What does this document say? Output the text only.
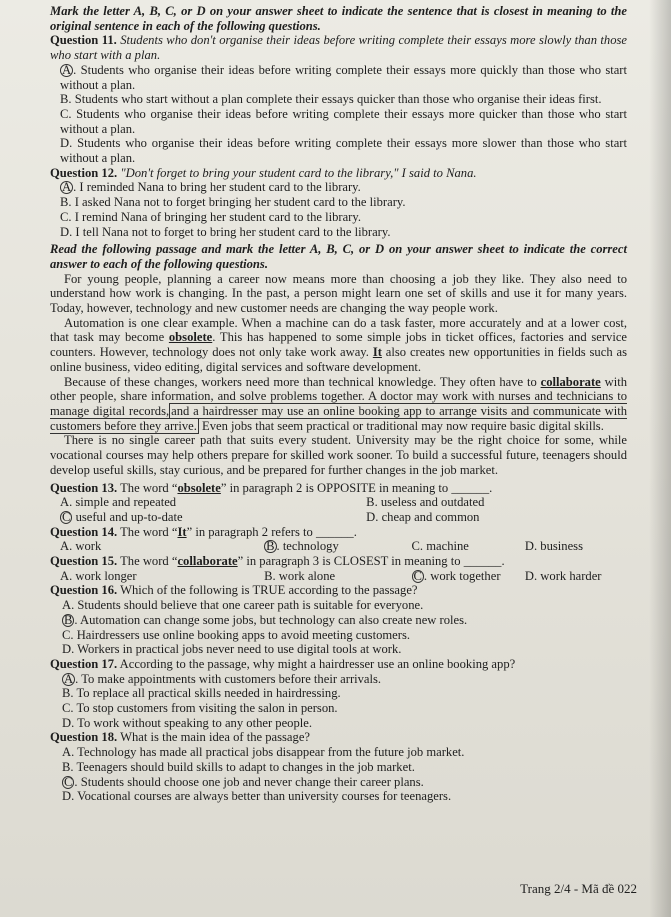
Mark the letter A, B, C, or D on your answer sheet to indicate the sentence that is closest in meaning to the original sentence in each of the following questions.

Question 11. Students who don't organise their ideas before writing complete their essays more slowly than those who start with a plan.

A . Students who organise their ideas before writing complete their essays more quickly than those who start without a plan.

B. Students who start without a plan complete their essays quicker than those who organise their ideas first.

C. Students who organise their ideas before writing complete their essays more quicker than those who start without a plan.

D. Students who organise their ideas before writing complete their essays more slower than those who start without a plan.

Question 12. "Don't forget to bring your student card to the library," I said to Nana.

A . I reminded Nana to bring her student card to the library.

B. I asked Nana not to forget bringing her student card to the library.

C. I remind Nana of bringing her student card to the library.

D. I tell Nana not to forget to bring her student card to the library.

Read the following passage and mark the letter A, B, C, or D on your answer sheet to indicate the correct answer to each of the following questions.

For young people, planning a career now means more than choosing a job they like. They also need to understand how work is changing. In the past, a person might learn one set of skills and use it for many years. Today, however, technology and new customer needs are changing the way people work.

Automation is one clear example. When a machine can do a task faster, more accurately and at a lower cost, that task may become obsolete. This has happened to some simple jobs in ticket offices, factories and service counters. However, technology does not only take work away. It also creates new opportunities in fields such as online business, video editing, digital services and software development.

Because of these changes, workers need more than technical knowledge. They often have to collaborate with other people, share information, and solve problems together. A doctor may work with nurses and technicians to manage digital records, and a hairdresser may use an online booking app to arrange visits and communicate with customers before they arrive. Even jobs that seem practical or traditional may now require basic digital skills.

There is no single career path that suits every student. University may be the right choice for some, while vocational courses may help others prepare for skilled work sooner. To build a successful future, teenagers should develop useful skills, stay curious, and be prepared for further changes in the job market.

Question 13. The word “obsolete” in paragraph 2 is OPPOSITE in meaning to ______.

A. simple and repeated	B. useless and outdated
C useful and up-to-date	D. cheap and common

Question 14. The word “It” in paragraph 2 refers to ______.

A. work	B . technology	C. machine	D. business

Question 15. The word “collaborate” in paragraph 3 is CLOSEST in meaning to ______.

A. work longer	B. work alone	C . work together	D. work harder

Question 16. Which of the following is TRUE according to the passage?

A. Students should believe that one career path is suitable for everyone.

B . Automation can change some jobs, but technology can also create new roles.

C. Hairdressers use online booking apps to avoid meeting customers.

D. Workers in practical jobs never need to use digital tools at work.

Question 17. According to the passage, why might a hairdresser use an online booking app?

A . To make appointments with customers before their arrivals.

B. To replace all practical skills needed in hairdressing.

C. To stop customers from visiting the salon in person.

D. To work without speaking to any other people.

Question 18. What is the main idea of the passage?

A. Technology has made all practical jobs disappear from the future job market.

B. Teenagers should build skills to adapt to changes in the job market.

C . Students should choose one job and never change their career plans.

D. Vocational courses are always better than university courses for teenagers.

Trang 2/4 - Mã đề 022
